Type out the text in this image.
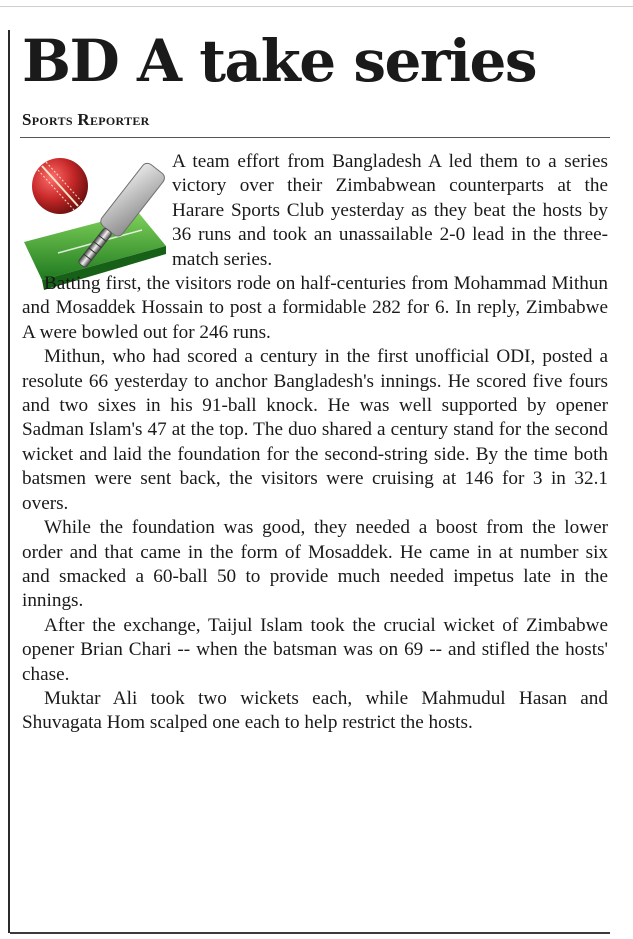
BD A take series
Sports Reporter

A team effort from Bangladesh A led them to a series victory over their Zimbabwean counterparts at the Harare Sports Club yesterday as they beat the hosts by 36 runs and took an unassailable 2-0 lead in the three-match series.

Batting first, the visitors rode on half-centuries from Mohammad Mithun and Mosaddek Hossain to post a formidable 282 for 6. In reply, Zimbabwe A were bowled out for 246 runs.

Mithun, who had scored a century in the first unofficial ODI, posted a resolute 66 yesterday to anchor Bangladesh's innings. He scored five fours and two sixes in his 91-ball knock. He was well supported by opener Sadman Islam's 47 at the top. The duo shared a century stand for the second wicket and laid the foundation for the second-string side. By the time both batsmen were sent back, the visitors were cruising at 146 for 3 in 32.1 overs.

While the foundation was good, they needed a boost from the lower order and that came in the form of Mosaddek. He came in at number six and smacked a 60-ball 50 to provide much needed impetus late in the innings.

After the exchange, Taijul Islam took the crucial wicket of Zimbabwe opener Brian Chari -- when the batsman was on 69 -- and stifled the hosts' chase.

Muktar Ali took two wickets each, while Mahmudul Hasan and Shuvagata Hom scalped one each to help restrict the hosts.
